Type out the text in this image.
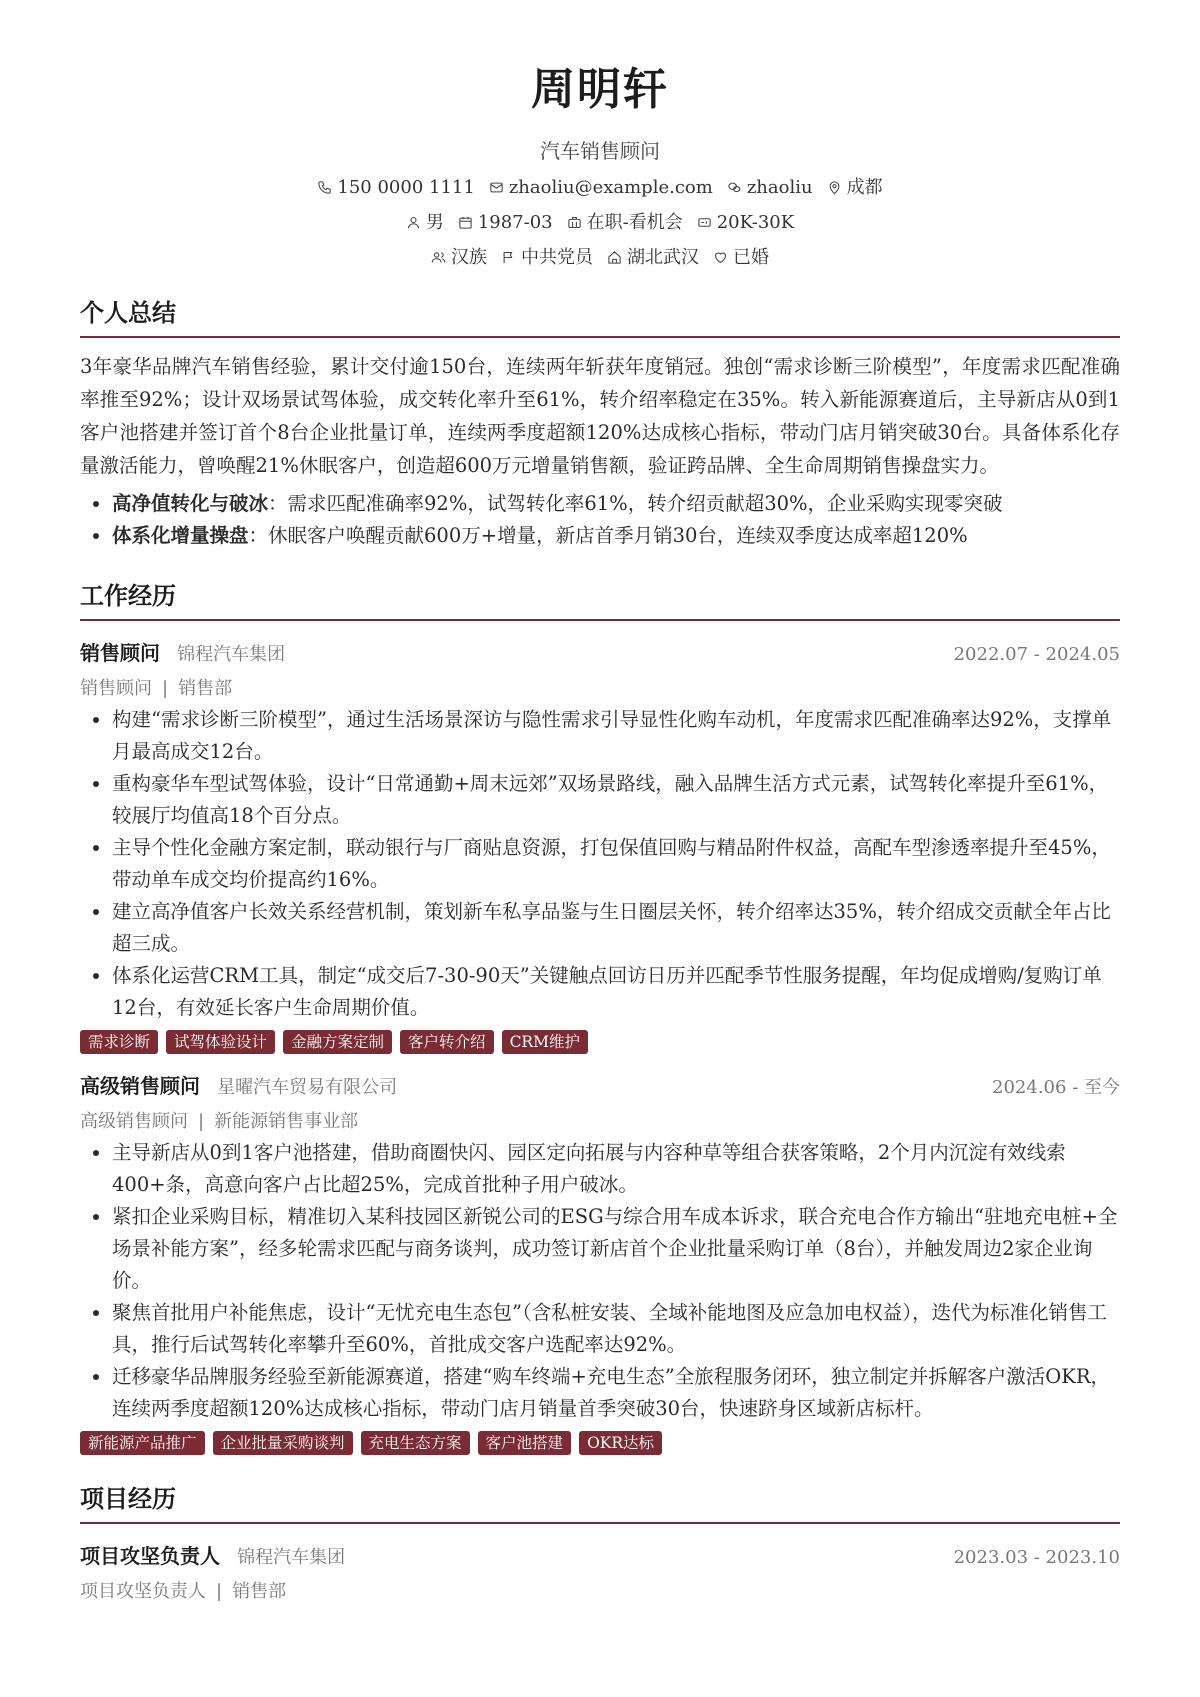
周明轩
汽车销售顾问
150 0000 1111 zhaoliu@example.com zhaoliu 成都
男 1987-03 在职-看机会 20K-30K
汉族 中共党员 湖北武汉 已婚
个人总结
3年豪华品牌汽车销售经验，累计交付逾150台，连续两年斩获年度销冠。独创“需求诊断三阶模型”，年度需求匹配准确率推至92%；设计双场景试驾体验，成交转化率升至61%，转介绍率稳定在35%。转入新能源赛道后，主导新店从0到1客户池搭建并签订首个8台企业批量订单，连续两季度超额120%达成核心指标，带动门店月销突破30台。具备体系化存量激活能力，曾唤醒21%休眠客户，创造超600万元增量销售额，验证跨品牌、全生命周期销售操盘实力。
• 高净值转化与破冰：需求匹配准确率92%，试驾转化率61%，转介绍贡献超30%，企业采购实现零突破
• 体系化增量操盘：休眠客户唤醒贡献600万+增量，新店首季月销30台，连续双季度达成率超120%
工作经历
销售顾问 锦程汽车集团	2022.07 - 2024.05
销售顾问 | 销售部
• 构建“需求诊断三阶模型”，通过生活场景深访与隐性需求引导显性化购车动机，年度需求匹配准确率达92%，支撑单月最高成交12台。
• 重构豪华车型试驾体验，设计“日常通勤+周末远郊”双场景路线，融入品牌生活方式元素，试驾转化率提升至61%，较展厅均值高18个百分点。
• 主导个性化金融方案定制，联动银行与厂商贴息资源，打包保值回购与精品附件权益，高配车型渗透率提升至45%，带动单车成交均价提高约16%。
• 建立高净值客户长效关系经营机制，策划新车私享品鉴与生日圈层关怀，转介绍率达35%，转介绍成交贡献全年占比超三成。
• 体系化运营CRM工具，制定“成交后7-30-90天”关键触点回访日历并匹配季节性服务提醒，年均促成增购/复购订单12台，有效延长客户生命周期价值。
需求诊断	试驾体验设计	金融方案定制	客户转介绍	CRM维护
高级销售顾问 星曜汽车贸易有限公司	2024.06 - 至今
高级销售顾问 | 新能源销售事业部
• 主导新店从0到1客户池搭建，借助商圈快闪、园区定向拓展与内容种草等组合获客策略，2个月内沉淀有效线索400+条，高意向客户占比超25%，完成首批种子用户破冰。
• 紧扣企业采购目标，精准切入某科技园区新锐公司的ESG与综合用车成本诉求，联合充电合作方输出“驻地充电桩+全场景补能方案”，经多轮需求匹配与商务谈判，成功签订新店首个企业批量采购订单（8台），并触发周边2家企业询价。
• 聚焦首批用户补能焦虑，设计“无忧充电生态包”（含私桩安装、全域补能地图及应急加电权益），迭代为标准化销售工具，推行后试驾转化率攀升至60%，首批成交客户选配率达92%。
• 迁移豪华品牌服务经验至新能源赛道，搭建“购车终端+充电生态”全旅程服务闭环，独立制定并拆解客户激活OKR，连续两季度超额120%达成核心指标，带动门店月销量首季突破30台，快速跻身区域新店标杆。
新能源产品推广	企业批量采购谈判	充电生态方案	客户池搭建	OKR达标
项目经历
项目攻坚负责人 锦程汽车集团	2023.03 - 2023.10
项目攻坚负责人 | 销售部
